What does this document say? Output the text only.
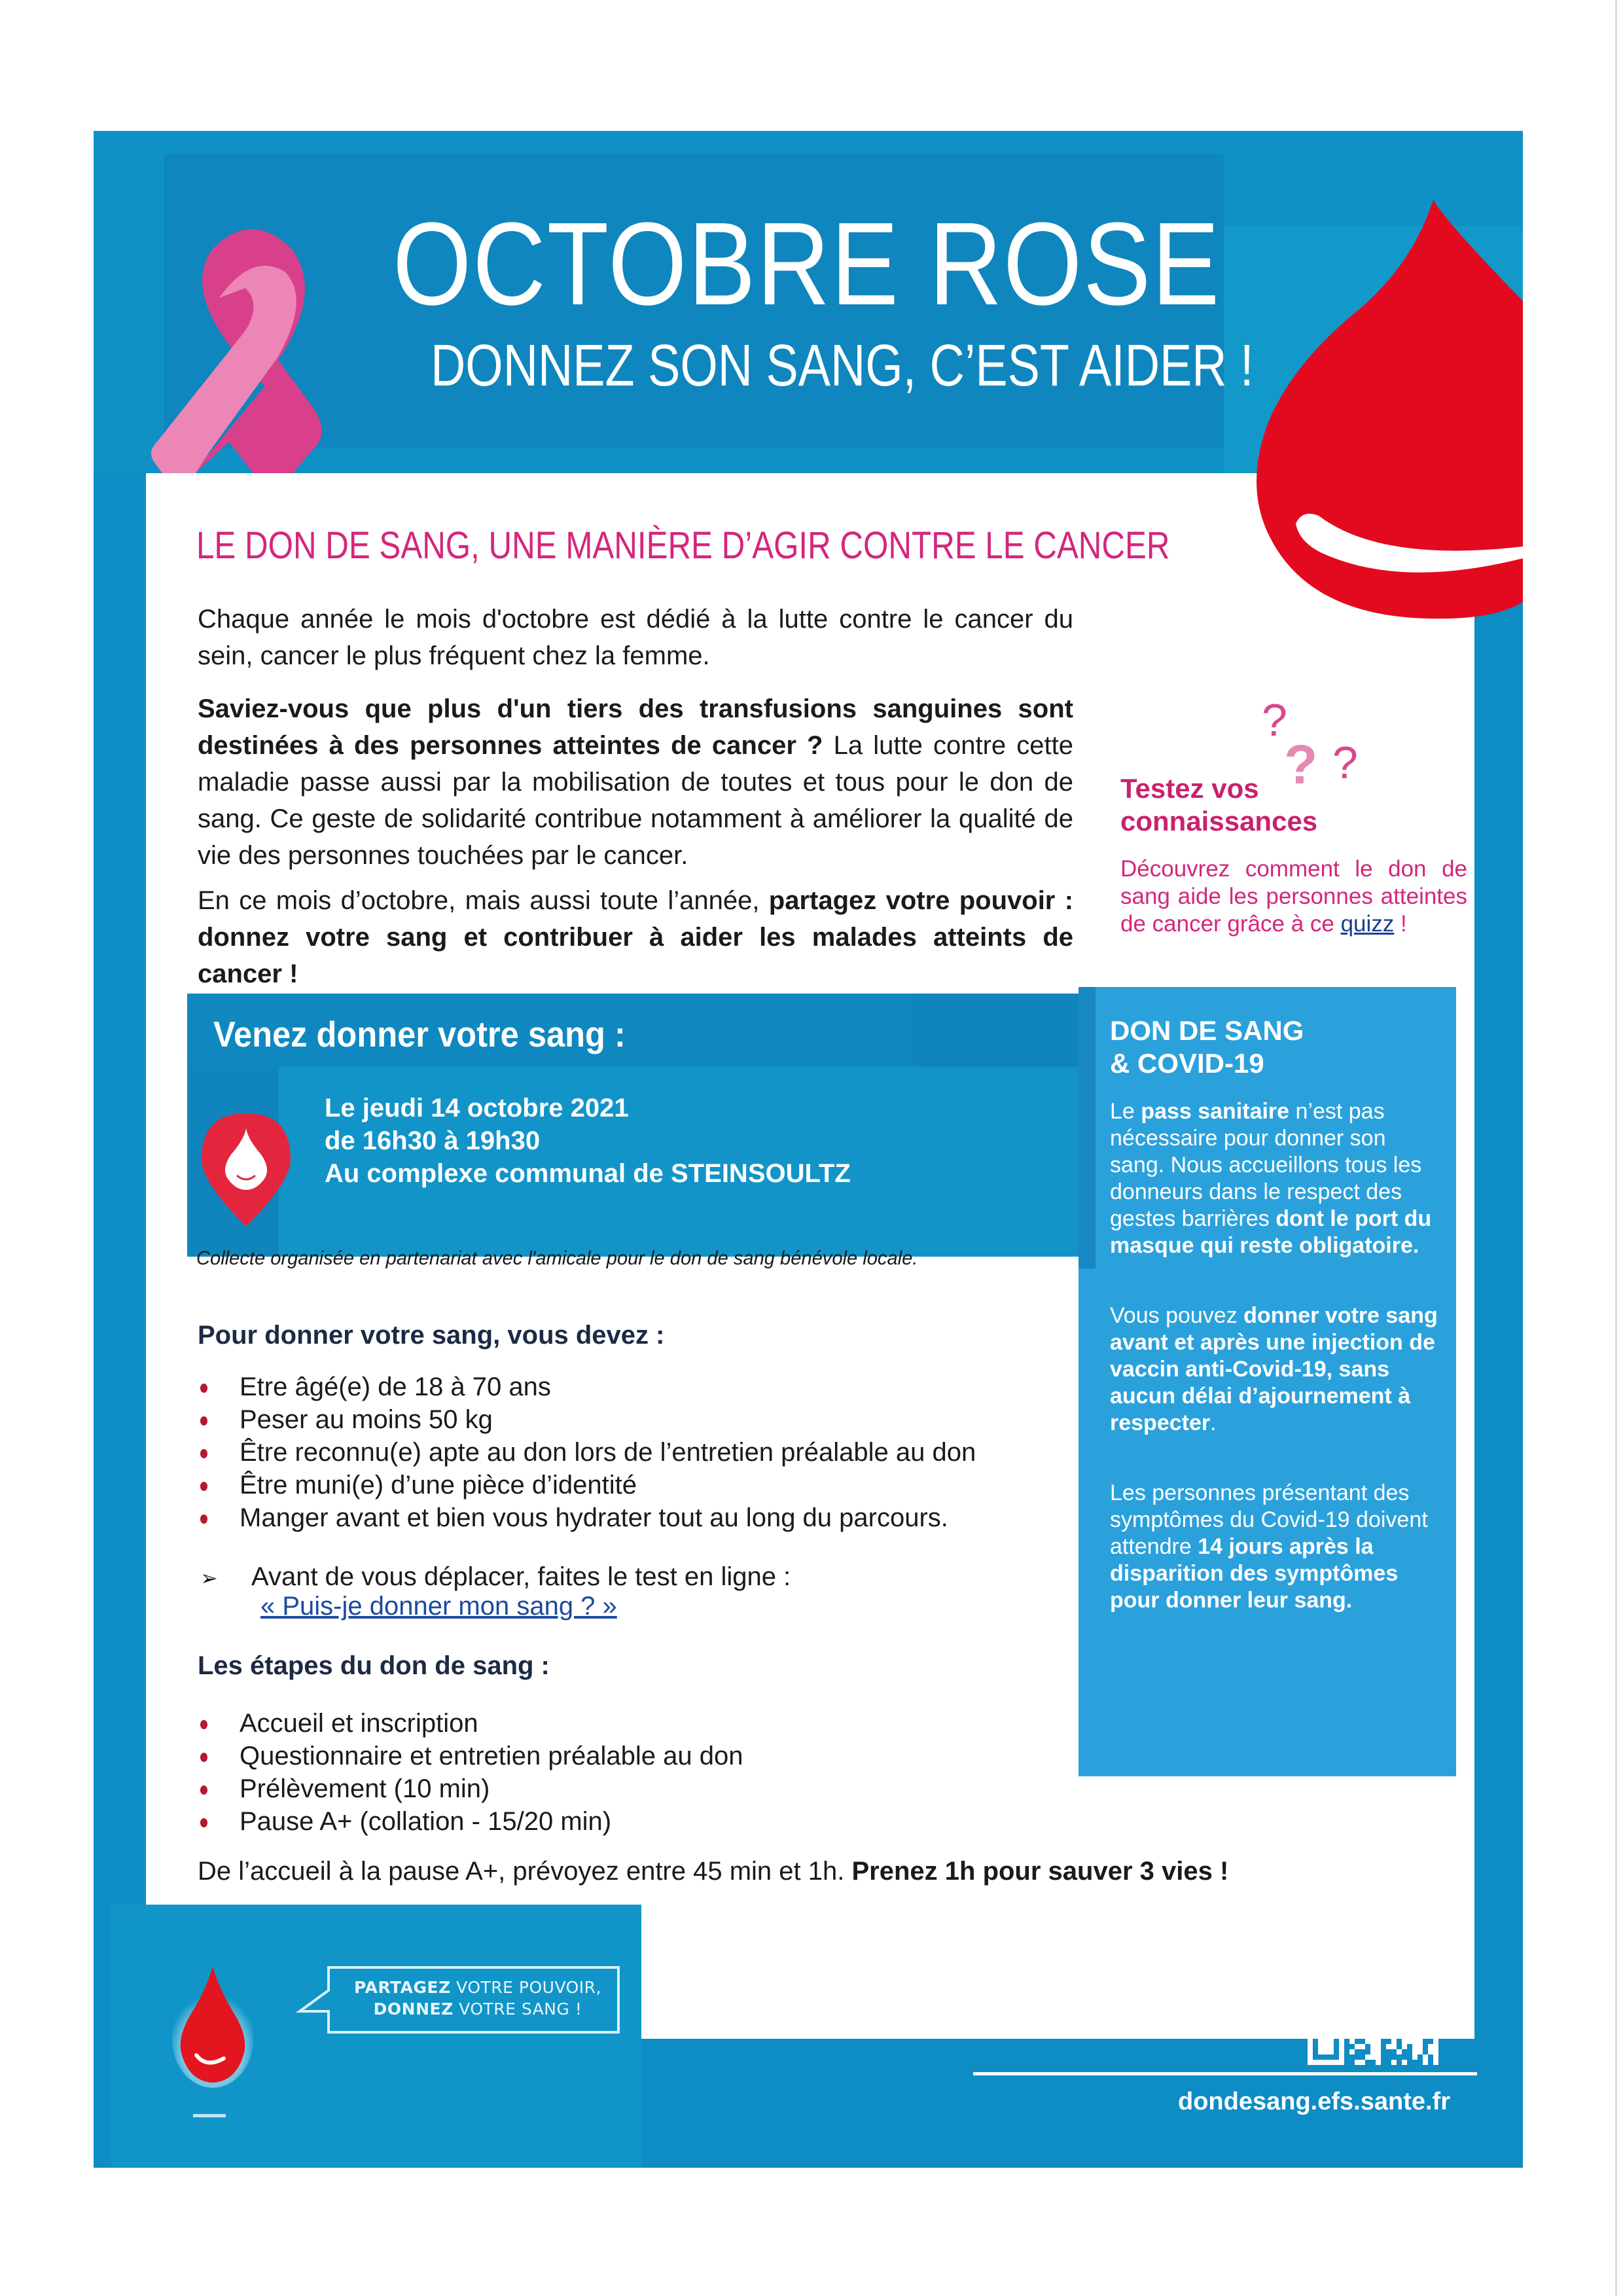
OCTOBRE ROSE
DONNEZ SON SANG, C’EST AIDER !
LE DON DE SANG, UNE MANIÈRE D’AGIR CONTRE LE CANCER

Chaque année le mois d'octobre est dédié à la lutte contre le cancer du sein, cancer le plus fréquent chez la femme.

Saviez-vous que plus d'un tiers des transfusions sanguines sont destinées à des personnes atteintes de cancer ? La lutte contre cette maladie passe aussi par la mobilisation de toutes et tous pour le don de sang. Ce geste de solidarité contribue notamment à améliorer la qualité de vie des personnes touchées par le cancer.

En ce mois d’octobre, mais aussi toute l’année, partagez votre pouvoir : donnez votre sang et contribuer à aider les malades atteints de cancer !

?
? ?
Testez vos
connaissances

Découvrez comment le don de sang aide les personnes atteintes de cancer grâce à ce quizz !

Venez donner votre sang :
Le jeudi 14 octobre 2021
de 16h30 à 19h30
Au complexe communal de STEINSOULTZ
Collecte organisée en partenariat avec l'amicale pour le don de sang bénévole locale.
DON DE SANG
& COVID-19

Le pass sanitaire n’est pas nécessaire pour donner son sang. Nous accueillons tous les donneurs dans le respect des gestes barrières dont le port du masque qui reste obligatoire.

Vous pouvez donner votre sang avant et après une injection de vaccin anti-Covid-19, sans aucun délai d’ajournement à respecter.

Les personnes présentant des symptômes du Covid-19 doivent attendre 14 jours après la disparition des symptômes pour donner leur sang.

Pour donner votre sang, vous devez :
Etre âgé(e) de 18 à 70 ans
Peser au moins 50 kg
Être reconnu(e) apte au don lors de l’entretien préalable au don
Être muni(e) d’une pièce d’identité
Manger avant et bien vous hydrater tout au long du parcours.
➢ Avant de vous déplacer, faites le test en ligne :
« Puis-je donner mon sang ? »
Les étapes du don de sang :
Accueil et inscription
Questionnaire et entretien préalable au don
Prélèvement (10 min)
Pause A+ (collation - 15/20 min)
De l’accueil à la pause A+, prévoyez entre 45 min et 1h. Prenez 1h pour sauver 3 vies !
PARTAGEZ VOTRE POUVOIR,
DONNEZ VOTRE SANG !
RENDEZ-VOUS
SUR NOTRE SITE
dondesang.efs.sante.fr
